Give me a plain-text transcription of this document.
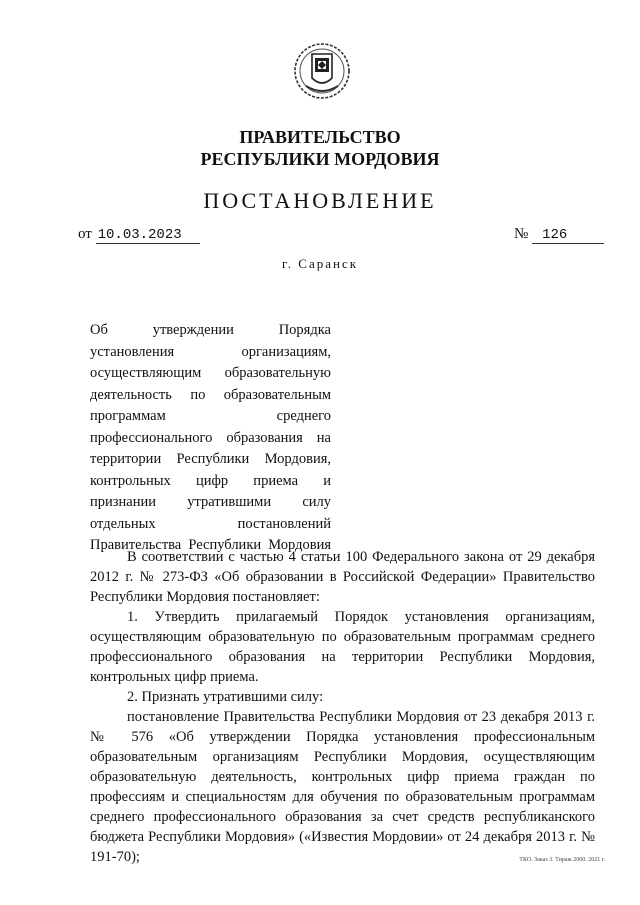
ПРАВИТЕЛЬСТВО
РЕСПУБЛИКИ МОРДОВИЯ
ПОСТАНОВЛЕНИЕ
от 10.03.2023	№ 126
г. Саранск
Об утверждении Порядка установления организациям, осуществляющим образовательную деятельность по образовательным программам среднего профессионального образования на территории Республики Мордовия, контрольных цифр приема и признании утратившими силу отдельных постановлений Правительства Республики Мордовия

В соответствии с частью 4 статьи 100 Федерального закона от 29 декабря 2012 г. № 273-ФЗ «Об образовании в Российской Федерации» Правительство Республики Мордовия постановляет:

1. Утвердить прилагаемый Порядок установления организациям, осуществляющим образовательную по образовательным программам среднего профессионального образования на территории Республики Мордовия, контрольных цифр приема.

2. Признать утратившими силу:

постановление Правительства Республики Мордовия от 23 декабря 2013 г. № 576 «Об утверждении Порядка установления профессиональным образовательным организациям Республики Мордовия, осуществляющим образовательную деятельность, контрольных цифр приема граждан по профессиям и специальностям для обучения по образовательным программам среднего профессионального образования за счет средств республиканского бюджета Республики Мордовия» («Известия Мордовии» от 24 декабря 2013 г. № 191-70);	ТКО. Заказ 3. Тираж 2000. 2021 г.
